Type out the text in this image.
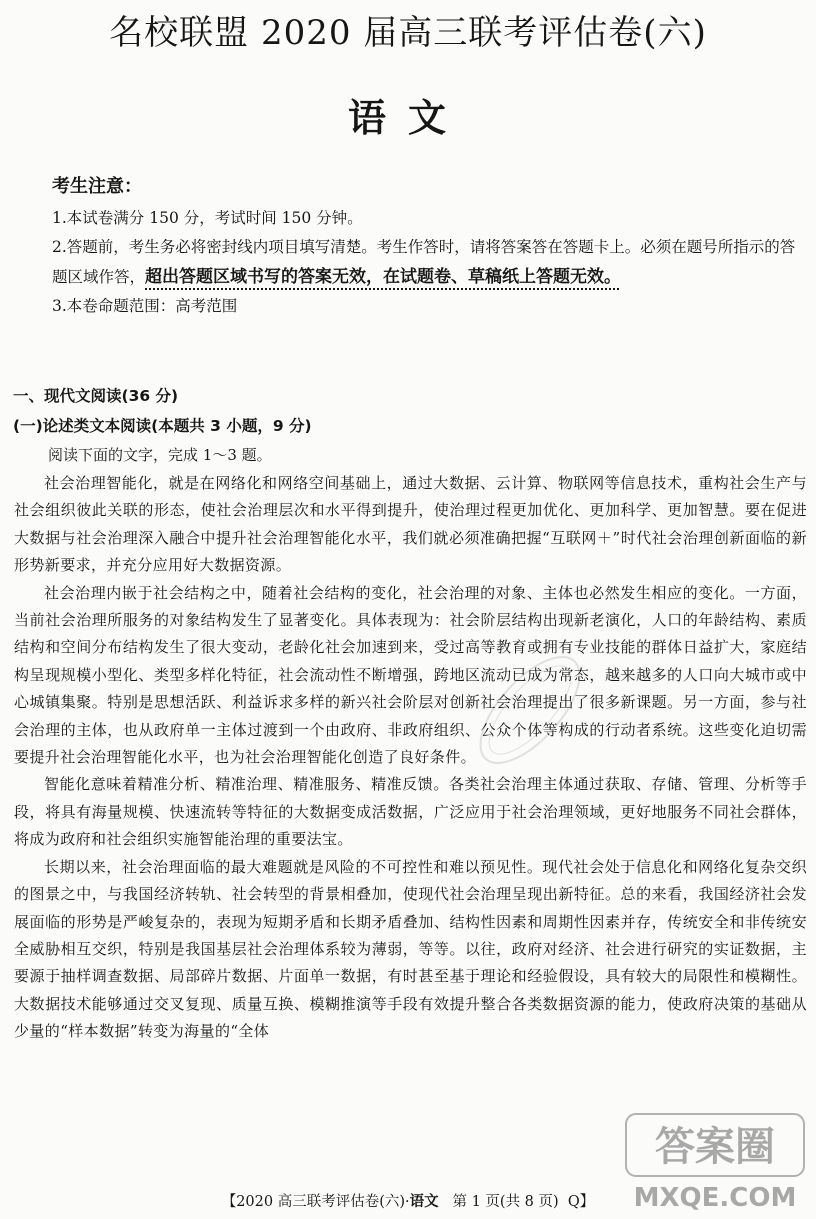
名校联盟 2020 届高三联考评估卷(六)
语文
考生注意：
1.本试卷满分 150 分，考试时间 150 分钟。
2.答题前，考生务必将密封线内项目填写清楚。考生作答时，请将答案答在答题卡上。必须在题号所指示的答题区域作答，超出答题区域书写的答案无效，在试题卷、草稿纸上答题无效。
3.本卷命题范围：高考范围
一、现代文阅读(36 分)
(一)论述类文本阅读(本题共 3 小题，9 分)
阅读下面的文字，完成 1～3 题。

社会治理智能化，就是在网络化和网络空间基础上，通过大数据、云计算、物联网等信息技术，重构社会生产与社会组织彼此关联的形态，使社会治理层次和水平得到提升，使治理过程更加优化、更加科学、更加智慧。要在促进大数据与社会治理深入融合中提升社会治理智能化水平，我们就必须准确把握“互联网＋”时代社会治理创新面临的新形势新要求，并充分应用好大数据资源。

社会治理内嵌于社会结构之中，随着社会结构的变化，社会治理的对象、主体也必然发生相应的变化。一方面，当前社会治理所服务的对象结构发生了显著变化。具体表现为：社会阶层结构出现新老演化，人口的年龄结构、素质结构和空间分布结构发生了很大变动，老龄化社会加速到来，受过高等教育或拥有专业技能的群体日益扩大，家庭结构呈现规模小型化、类型多样化特征，社会流动性不断增强，跨地区流动已成为常态，越来越多的人口向大城市或中心城镇集聚。特别是思想活跃、利益诉求多样的新兴社会阶层对创新社会治理提出了很多新课题。另一方面，参与社会治理的主体，也从政府单一主体过渡到一个由政府、非政府组织、公众个体等构成的行动者系统。这些变化迫切需要提升社会治理智能化水平，也为社会治理智能化创造了良好条件。

智能化意味着精准分析、精准治理、精准服务、精准反馈。各类社会治理主体通过获取、存储、管理、分析等手段，将具有海量规模、快速流转等特征的大数据变成活数据，广泛应用于社会治理领域，更好地服务不同社会群体，将成为政府和社会组织实施智能治理的重要法宝。

长期以来，社会治理面临的最大难题就是风险的不可控性和难以预见性。现代社会处于信息化和网络化复杂交织的图景之中，与我国经济转轨、社会转型的背景相叠加，使现代社会治理呈现出新特征。总的来看，我国经济社会发展面临的形势是严峻复杂的，表现为短期矛盾和长期矛盾叠加、结构性因素和周期性因素并存，传统安全和非传统安全威胁相互交织，特别是我国基层社会治理体系较为薄弱，等等。以往，政府对经济、社会进行研究的实证数据，主要源于抽样调查数据、局部碎片数据、片面单一数据，有时甚至基于理论和经验假设，具有较大的局限性和模糊性。大数据技术能够通过交叉复现、质量互换、模糊推演等手段有效提升整合各类数据资源的能力，使政府决策的基础从少量的“样本数据”转变为海量的“全体

【2020 高三联考评估卷(六)·语文 第 1 页(共 8 页) Q】
答案圈
MXQE.COM
